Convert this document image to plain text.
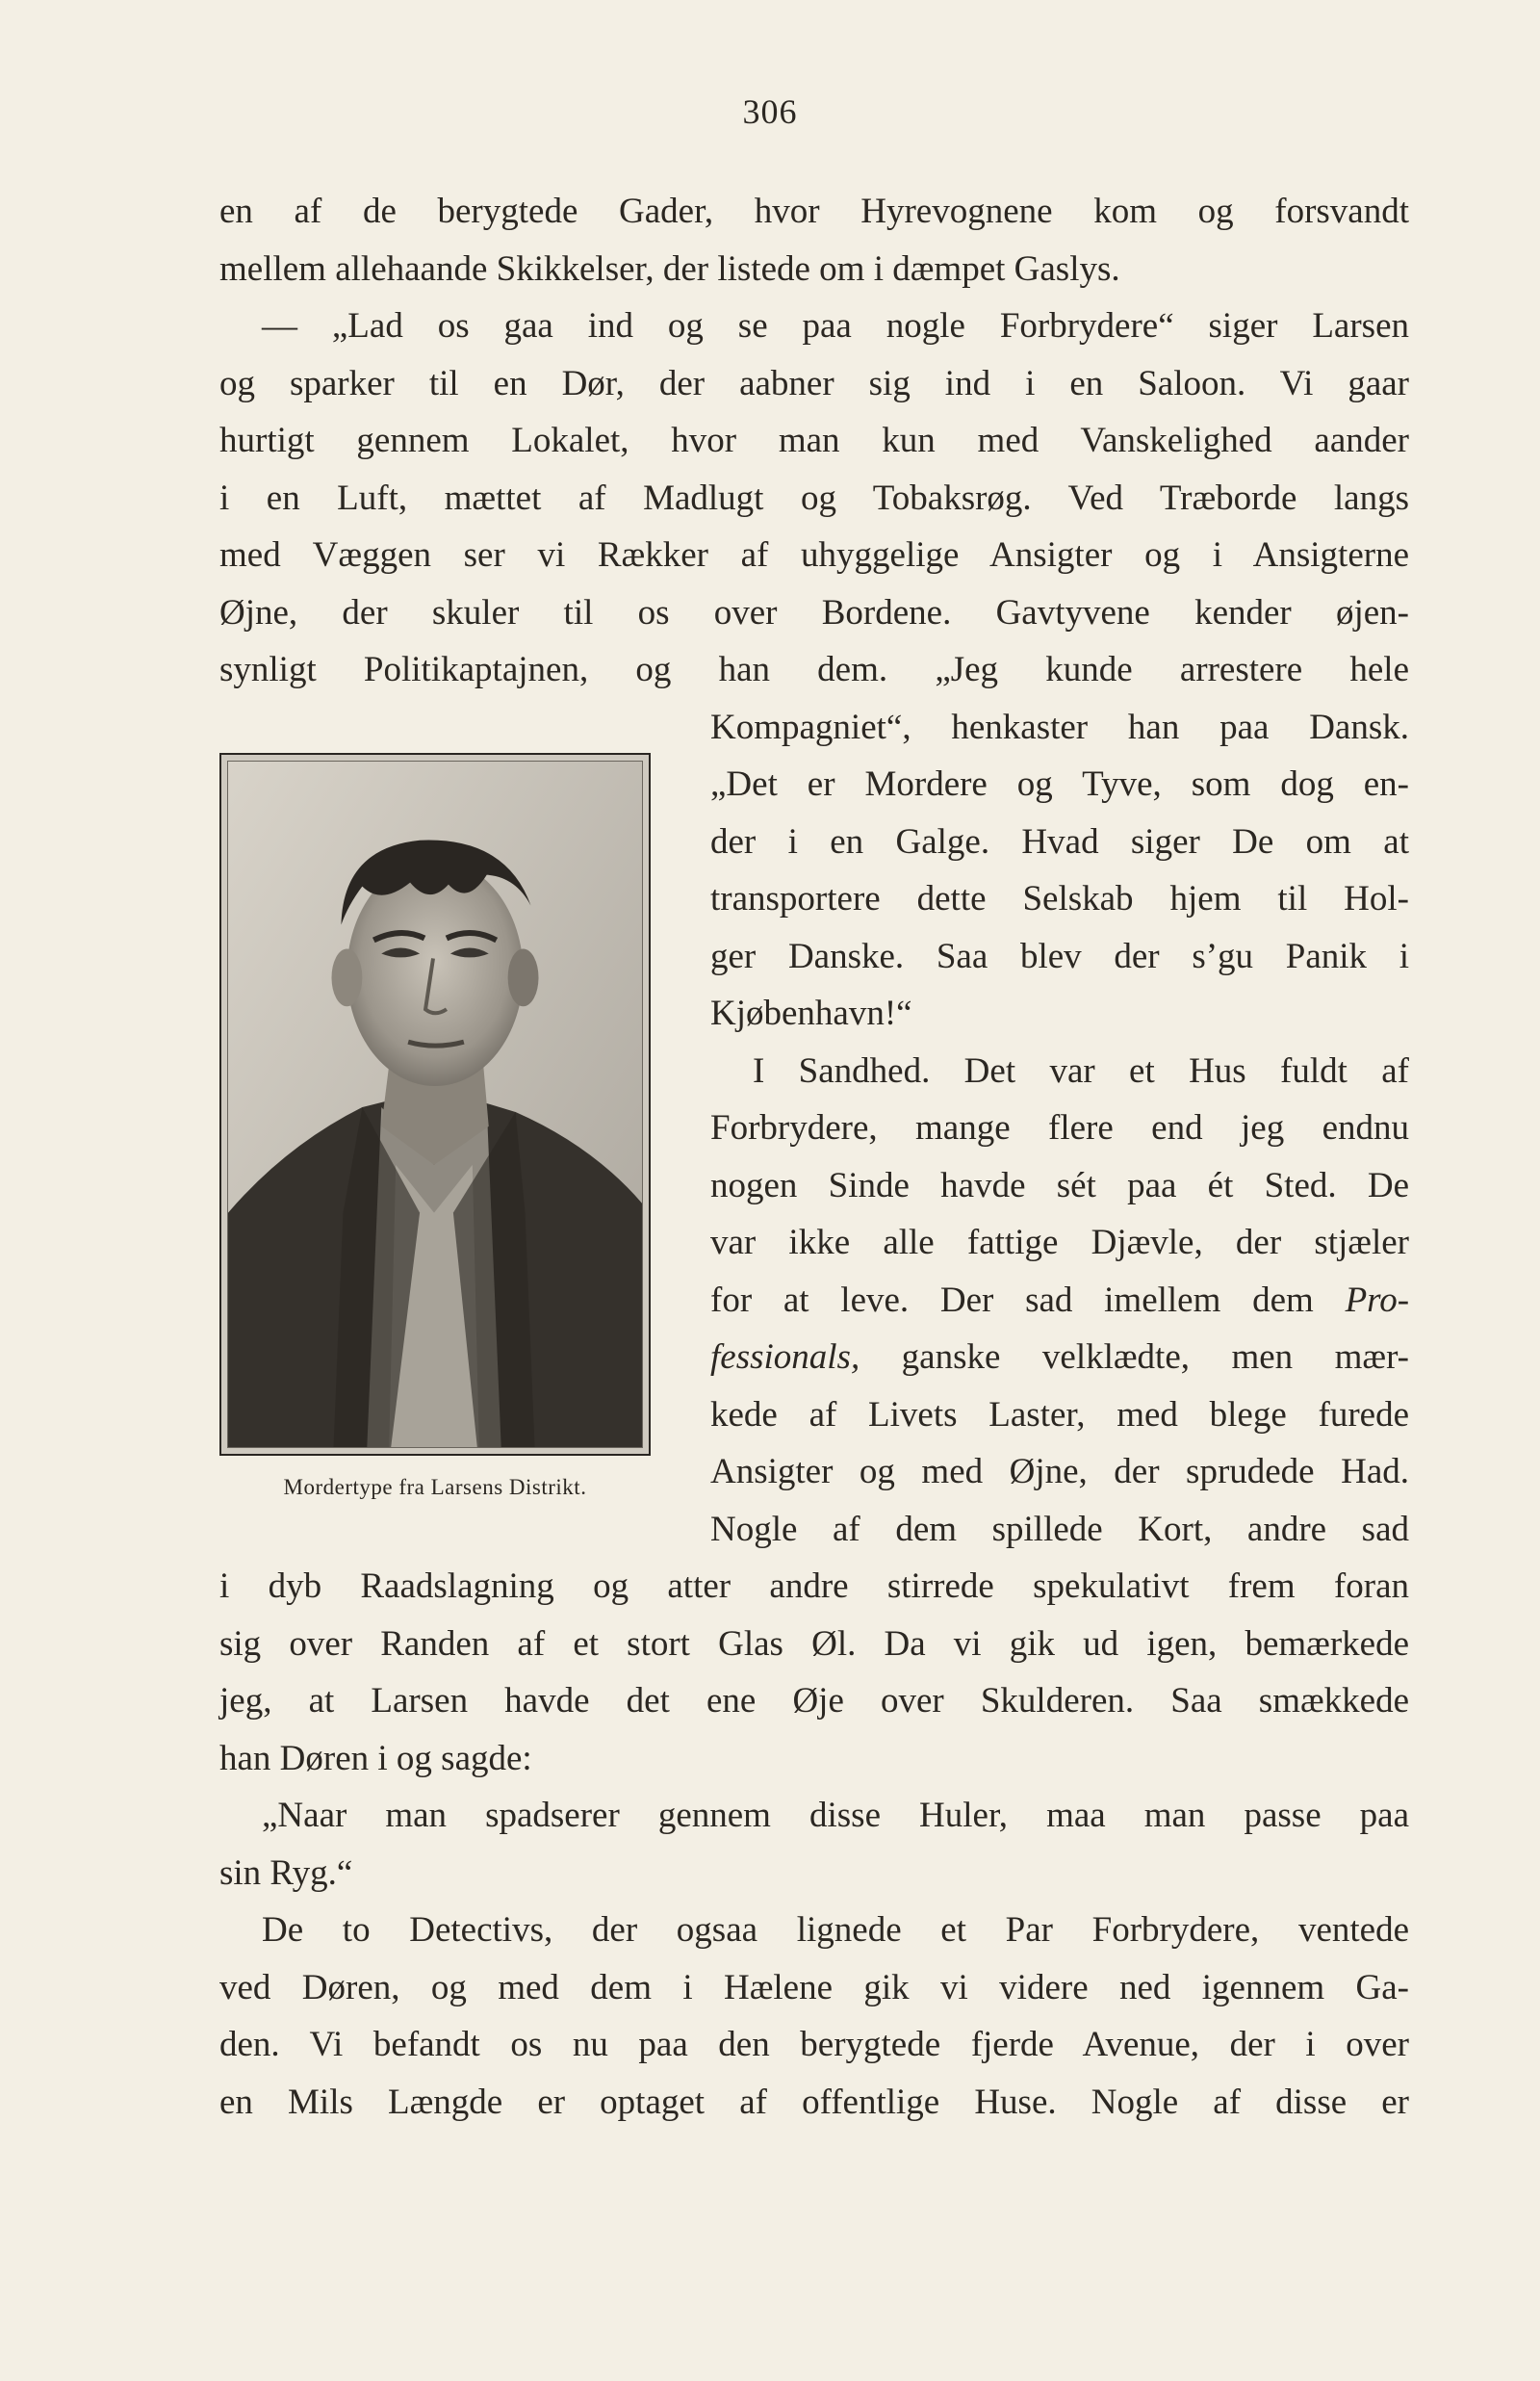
306
en af de berygtede Gader, hvor Hyrevognene kom og forsvandt
mellem allehaande Skikkelser, der listede om i dæmpet Gaslys.
— „Lad os gaa ind og se paa nogle Forbrydere“ siger Larsen
og sparker til en Dør, der aabner sig ind i en Saloon. Vi gaar
hurtigt gennem Lokalet, hvor man kun med Vanskelighed aander
i en Luft, mættet af Madlugt og Tobaksrøg. Ved Træborde langs
med Væggen ser vi Rækker af uhyggelige Ansigter og i Ansigterne
Øjne, der skuler til os over Bordene. Gavtyvene kender øjen-
synligt Politikaptajnen, og han dem. „Jeg kunde arrestere hele
Mordertype fra Larsens Distrikt.
Kompagniet“, henkaster han paa Dansk.
„Det er Mordere og Tyve, som dog en-
der i en Galge. Hvad siger De om at
transportere dette Selskab hjem til Hol-
ger Danske. Saa blev der s’gu Panik i
Kjøbenhavn!“
I Sandhed. Det var et Hus fuldt af
Forbrydere, mange flere end jeg endnu
nogen Sinde havde sét paa ét Sted. De
var ikke alle fattige Djævle, der stjæler
for at leve. Der sad imellem dem Pro-
fessionals, ganske velklædte, men mær-
kede af Livets Laster, med blege furede
Ansigter og med Øjne, der sprudede Had.
Nogle af dem spillede Kort, andre sad
i dyb Raadslagning og atter andre stirrede spekulativt frem foran
sig over Randen af et stort Glas Øl. Da vi gik ud igen, bemærkede
jeg, at Larsen havde det ene Øje over Skulderen. Saa smækkede
han Døren i og sagde:
„Naar man spadserer gennem disse Huler, maa man passe paa
sin Ryg.“
De to Detectivs, der ogsaa lignede et Par Forbrydere, ventede
ved Døren, og med dem i Hælene gik vi videre ned igennem Ga-
den. Vi befandt os nu paa den berygtede fjerde Avenue, der i over
en Mils Længde er optaget af offentlige Huse. Nogle af disse er
